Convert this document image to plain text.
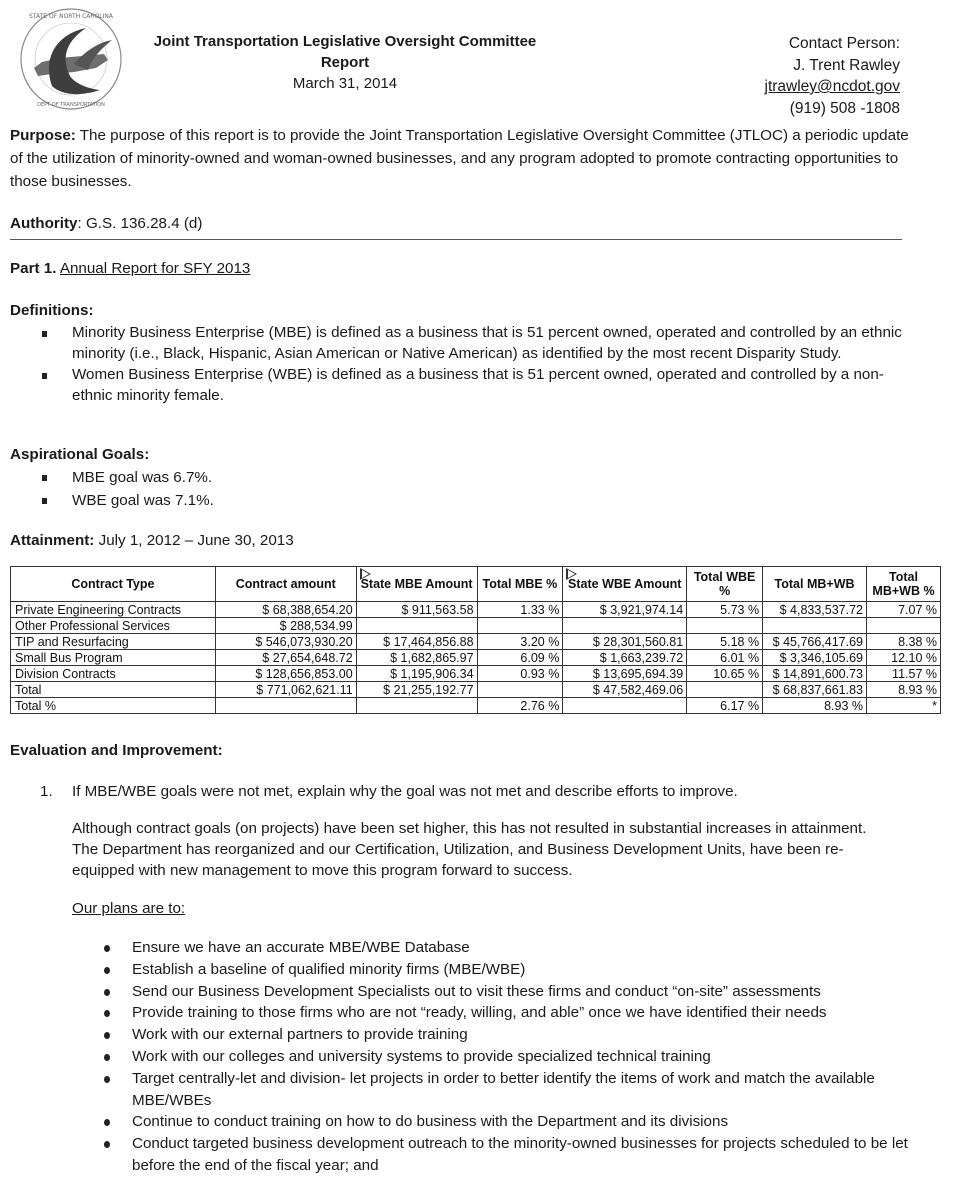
STATE OF NORTH CAROLINA
DEPT OF TRANSPORTATION
Joint Transportation Legislative Oversight Committee
Report
March 31, 2014
Contact Person:
J. Trent Rawley
jtrawley@ncdot.gov
(919) 508 -1808
Purpose: The purpose of this report is to provide the Joint Transportation Legislative Oversight Committee (JTLOC) a periodic update of the utilization of minority-owned and woman-owned businesses, and any program adopted to promote contracting opportunities to those businesses.
Authority: G.S. 136.28.4 (d)
Part 1. Annual Report for SFY 2013
Definitions:
Minority Business Enterprise (MBE) is defined as a business that is 51 percent owned, operated and controlled by an ethnic minority (i.e., Black, Hispanic, Asian American or Native American) as identified by the most recent Disparity Study.
Women Business Enterprise (WBE) is defined as a business that is 51 percent owned, operated and controlled by a non-ethnic minority female.
Aspirational Goals:
MBE goal was 6.7%.
WBE goal was 7.1%.
Attainment: July 1, 2012 – June 30, 2013
Contract Type	Contract amount	State MBE Amount	Total MBE %	State WBE Amount	Total WBE %	Total MB+WB	Total MB+WB %
Private Engineering Contracts	$ 68,388,654.20	$ 911,563.58	1.33 %	$ 3,921,974.14	5.73 %	$ 4,833,537.72	7.07 %
Other Professional Services	$ 288,534.99						
TIP and Resurfacing	$ 546,073,930.20	$ 17,464,856.88	3.20 %	$ 28,301,560.81	5.18 %	$ 45,766,417.69	8.38 %
Small Bus Program	$ 27,654,648.72	$ 1,682,865.97	6.09 %	$ 1,663,239.72	6.01 %	$ 3,346,105.69	12.10 %
Division Contracts	$ 128,656,853.00	$ 1,195,906.34	0.93 %	$ 13,695,694.39	10.65 %	$ 14,891,600.73	11.57 %
Total	$ 771,062,621.11	$ 21,255,192.77		$ 47,582,469.06		$ 68,837,661.83	8.93 %
Total %			2.76 %		6.17 %	8.93 %	*
Evaluation and Improvement:
1.	If MBE/WBE goals were not met, explain why the goal was not met and describe efforts to improve.
Although contract goals (on projects) have been set higher, this has not resulted in substantial increases in attainment. The Department has reorganized and our Certification, Utilization, and Business Development Units, have been re-equipped with new management to move this program forward to success.
Our plans are to:
Ensure we have an accurate MBE/WBE Database
Establish a baseline of qualified minority firms (MBE/WBE)
Send our Business Development Specialists out to visit these firms and conduct “on-site” assessments
Provide training to those firms who are not “ready, willing, and able” once we have identified their needs
Work with our external partners to provide training
Work with our colleges and university systems to provide specialized technical training
Target centrally-let and division- let projects in order to better identify the items of work and match the available MBE/WBEs
Continue to conduct training on how to do business with the Department and its divisions
Conduct targeted business development outreach to the minority-owned businesses for projects scheduled to be let before the end of the fiscal year; and
